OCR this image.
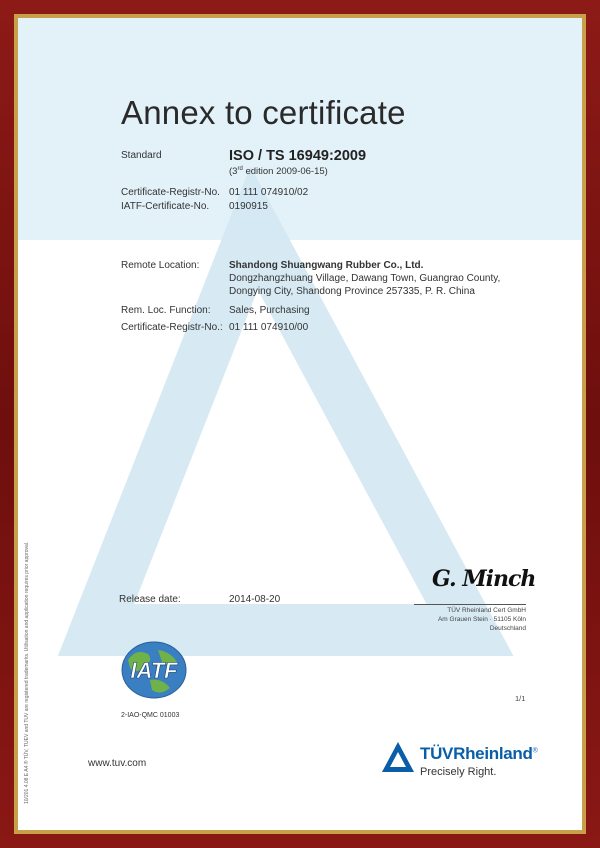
Annex to certificate
Standard	ISO / TS 16949:2009
(3rd edition 2009-06-15)
Certificate-Registr-No. 01 111 074910/02
IATF-Certificate-No. 0190915
Remote Location:	Shandong Shuangwang Rubber Co., Ltd.
Dongzhangzhuang Village, Dawang Town, Guangrao County,
Dongying City, Shandong Province 257335, P. R. China
Rem. Loc. Function: Sales, Purchasing
Certificate-Registr-No.: 01 111 074910/00
Release date:	2014-08-20
G. Minch
TÜV Rheinland Cert GmbH
Am Grauen Stein · 51105 Köln
Deutschland
IATF
2-IAO-QMC 01003
1/1
www.tuv.com
TÜVRheinland®
Precisely Right.
10/201 4.08 E A4 ® TÜV, TUEV and TUV are registered trademarks. Utilisation and application requires prior approval.
